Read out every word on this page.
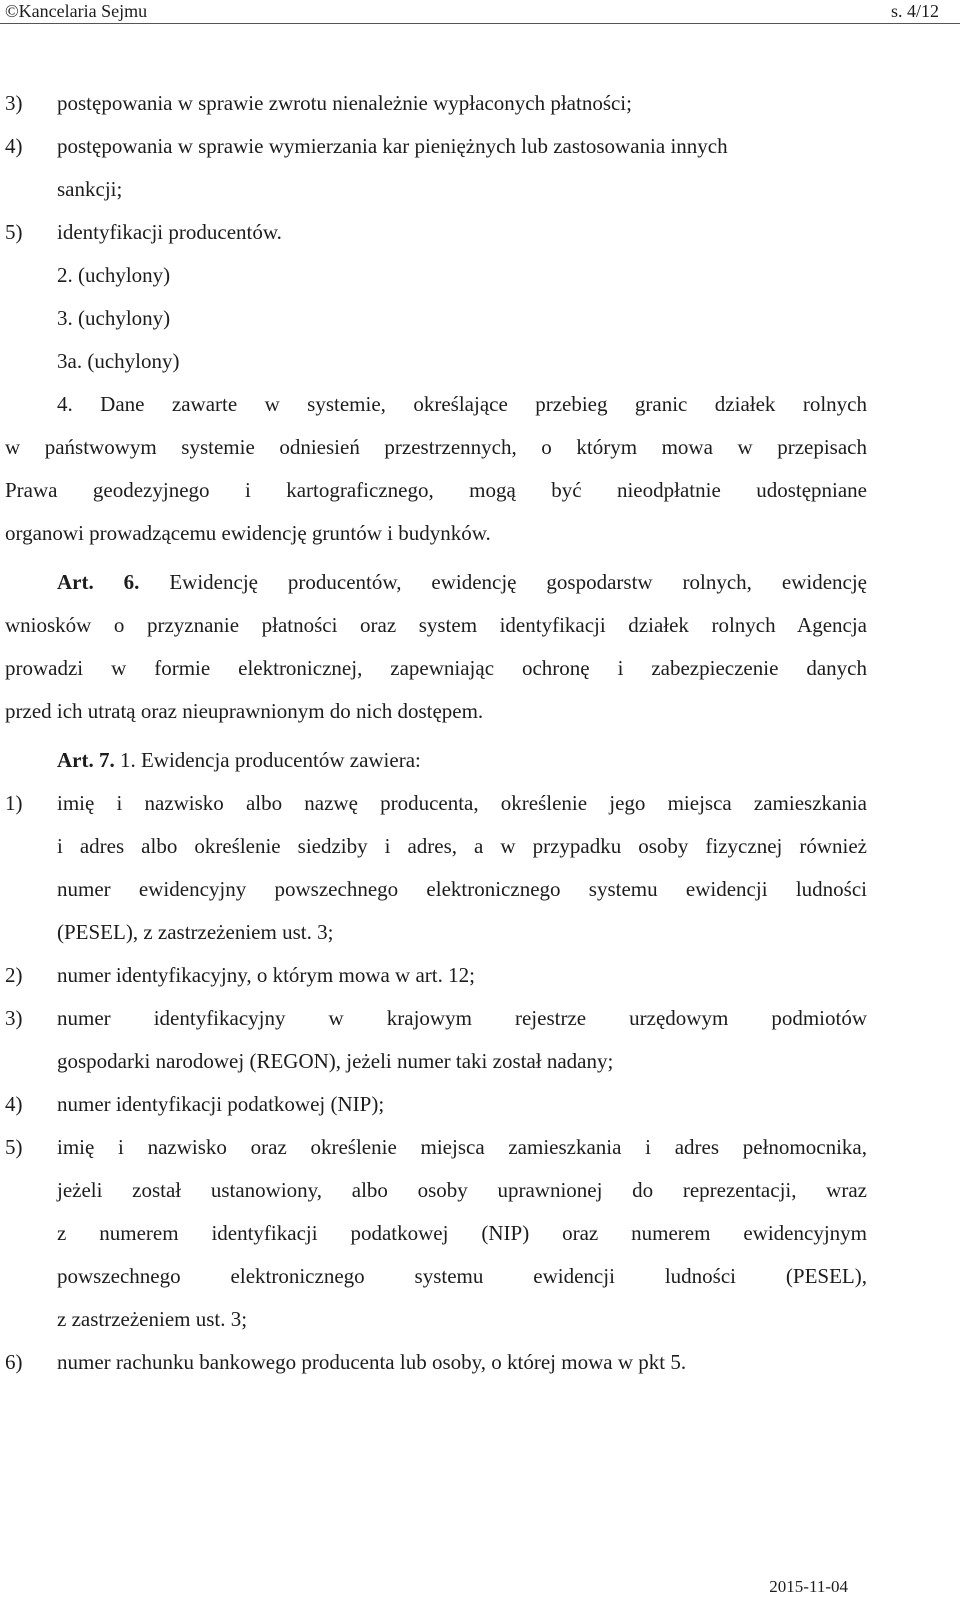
©Kancelaria Sejmu	s. 4/12
3)	postępowania w sprawie zwrotu nienależnie wypłaconych płatności;
4)	postępowania w sprawie wymierzania kar pieniężnych lub zastosowania innych
sankcji;
5)	identyfikacji producentów.
2. (uchylony)
3. (uchylony)
3a. (uchylony)
4. Dane zawarte w systemie, określające przebieg granic działek rolnych
w państwowym systemie odniesień przestrzennych, o którym mowa w przepisach
Prawa geodezyjnego i kartograficznego, mogą być nieodpłatnie udostępniane
organowi prowadzącemu ewidencję gruntów i budynków.
Art. 6. Ewidencję producentów, ewidencję gospodarstw rolnych, ewidencję
wniosków o przyznanie płatności oraz system identyfikacji działek rolnych Agencja
prowadzi w formie elektronicznej, zapewniając ochronę i zabezpieczenie danych
przed ich utratą oraz nieuprawnionym do nich dostępem.
Art. 7. 1. Ewidencja producentów zawiera:
1)	imię i nazwisko albo nazwę producenta, określenie jego miejsca zamieszkania
i adres albo określenie siedziby i adres, a w przypadku osoby fizycznej również
numer ewidencyjny powszechnego elektronicznego systemu ewidencji ludności
(PESEL), z zastrzeżeniem ust. 3;
2)	numer identyfikacyjny, o którym mowa w art. 12;
3)	numer identyfikacyjny w krajowym rejestrze urzędowym podmiotów
gospodarki narodowej (REGON), jeżeli numer taki został nadany;
4)	numer identyfikacji podatkowej (NIP);
5)	imię i nazwisko oraz określenie miejsca zamieszkania i adres pełnomocnika,
jeżeli został ustanowiony, albo osoby uprawnionej do reprezentacji, wraz
z numerem identyfikacji podatkowej (NIP) oraz numerem ewidencyjnym
powszechnego elektronicznego systemu ewidencji ludności (PESEL),
z zastrzeżeniem ust. 3;
6)	numer rachunku bankowego producenta lub osoby, o której mowa w pkt 5.
2015-11-04
